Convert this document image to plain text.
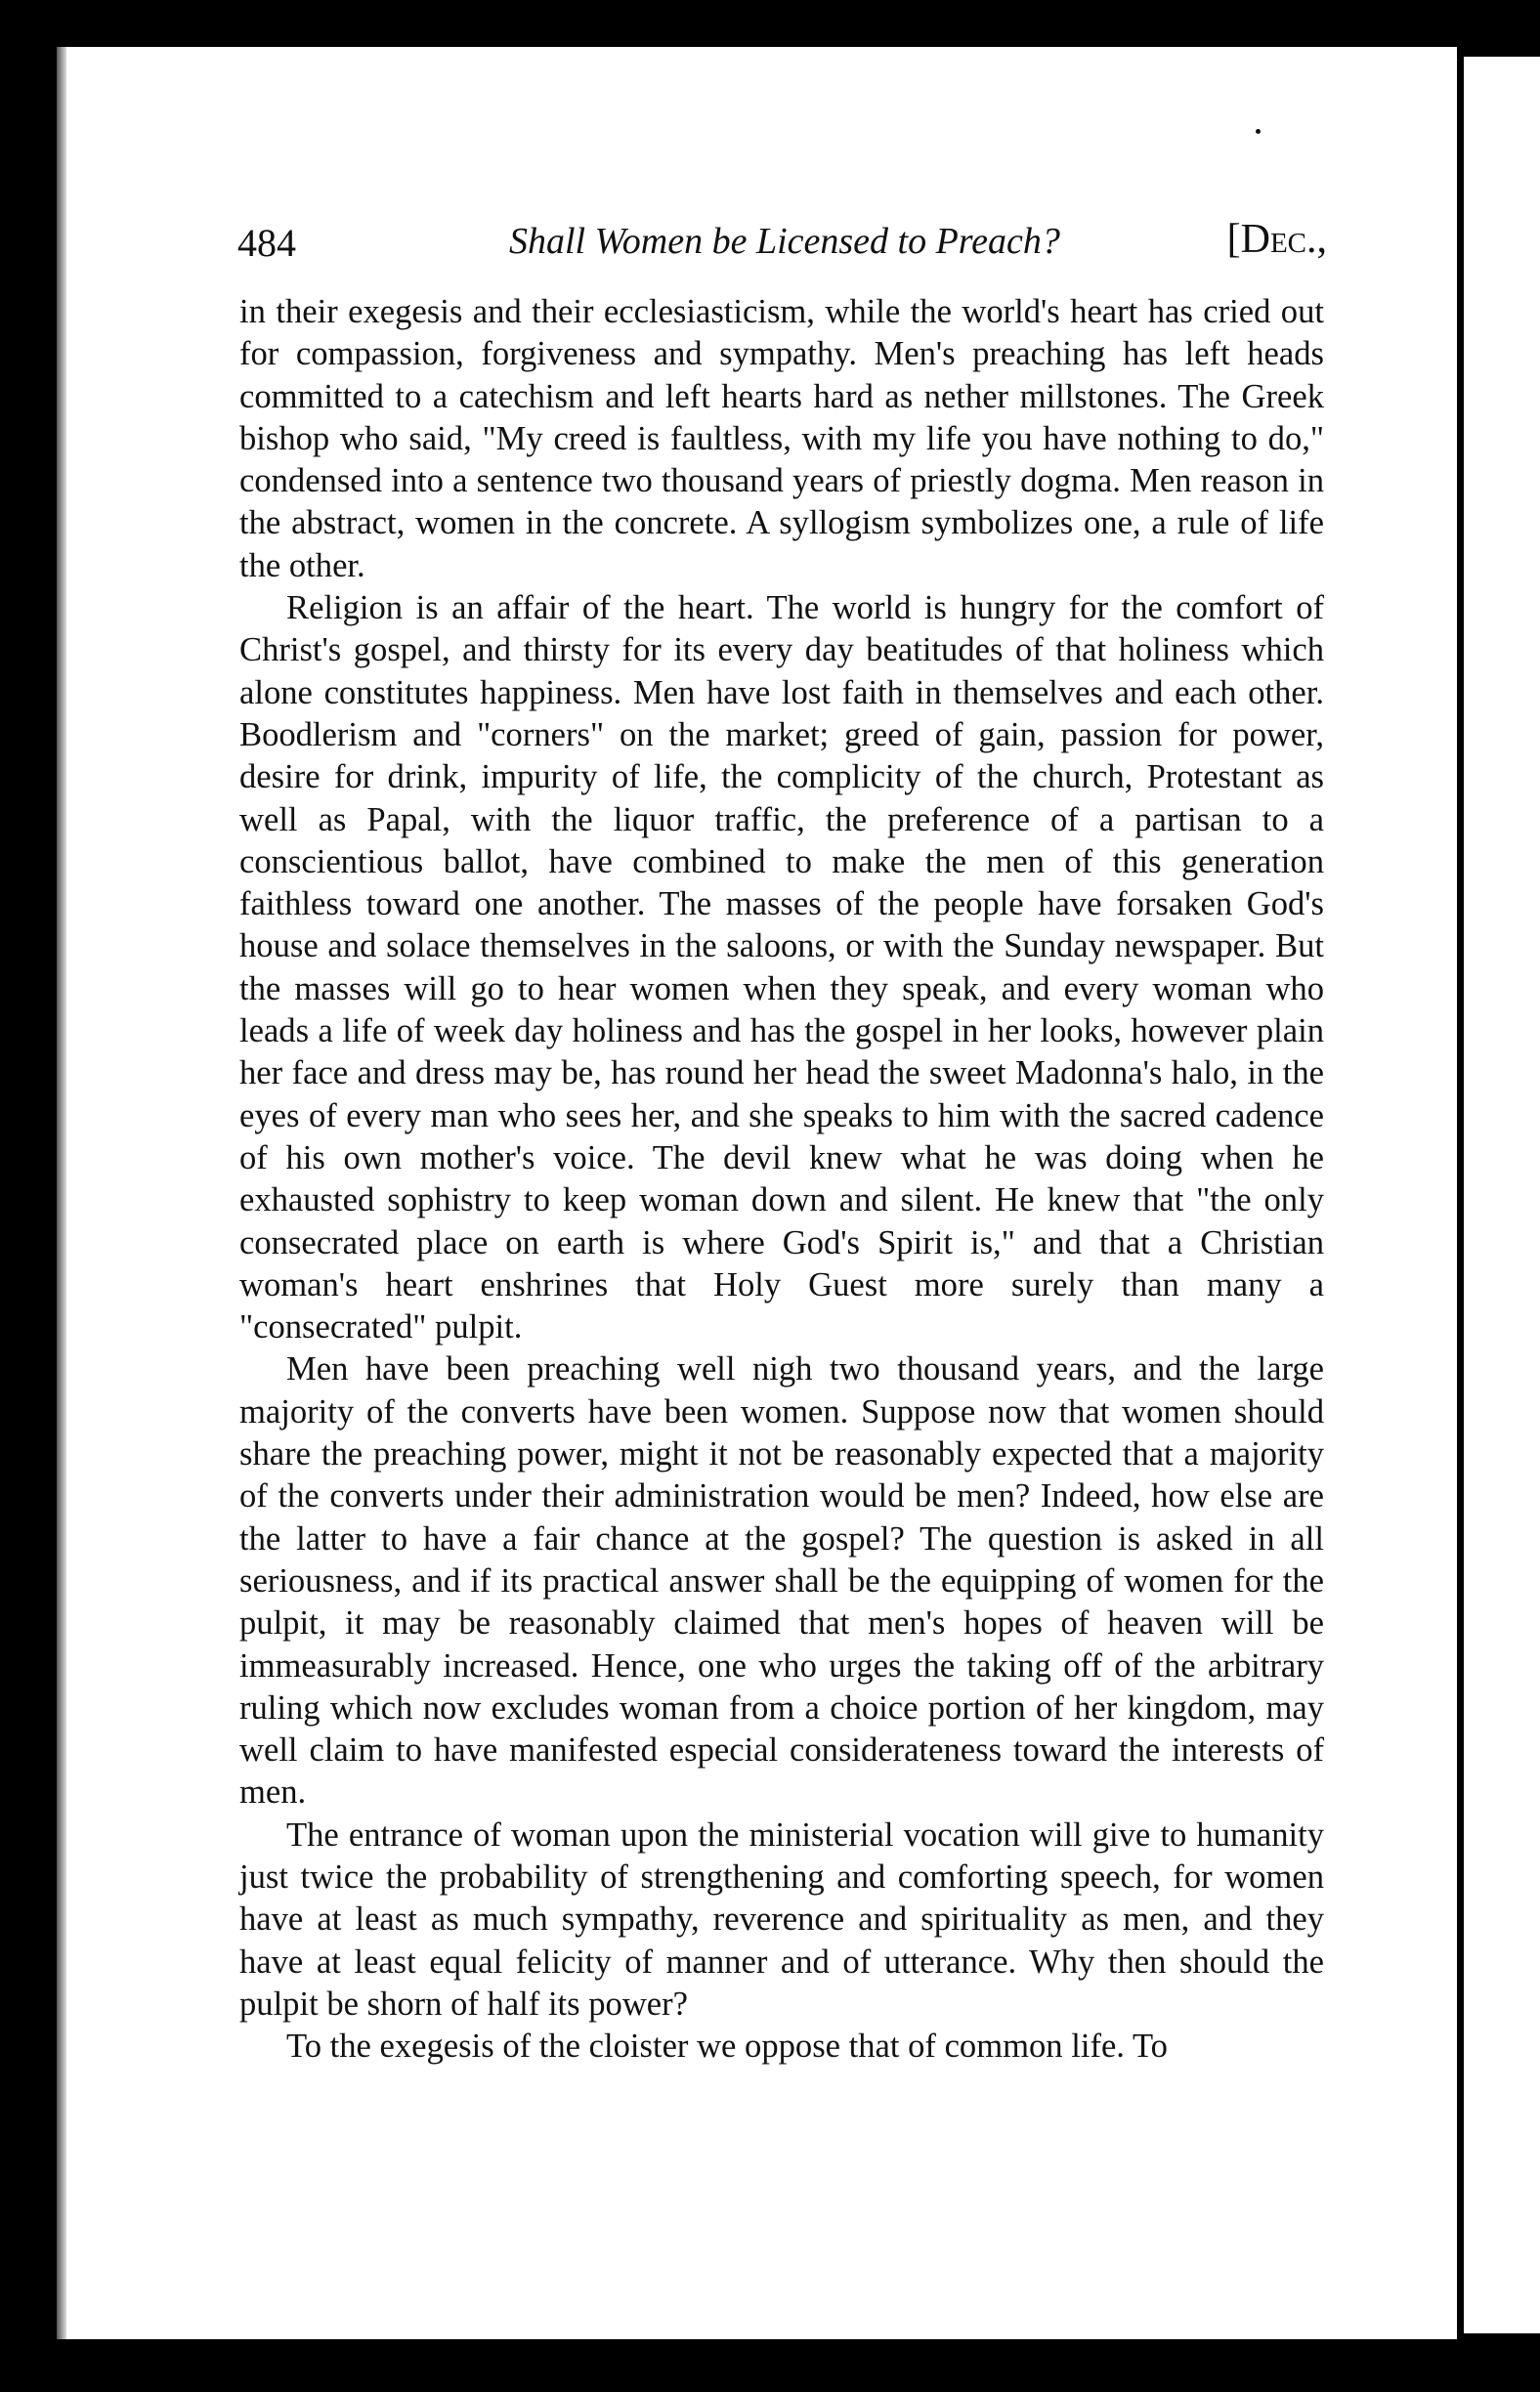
484	Shall Women be Licensed to Preach?	[Dec.,

in their exegesis and their ecclesiasticism, while the world's heart has cried out for compassion, forgiveness and sympathy. Men's preaching has left heads committed to a catechism and left hearts hard as nether millstones. The Greek bishop who said, "My creed is faultless, with my life you have nothing to do," condensed into a sentence two thousand years of priestly dogma. Men reason in the abstract, women in the concrete. A syllogism symbolizes one, a rule of life the other.

Religion is an affair of the heart. The world is hungry for the comfort of Christ's gospel, and thirsty for its every day beatitudes of that holiness which alone constitutes happiness. Men have lost faith in themselves and each other. Boodlerism and "corners" on the market; greed of gain, passion for power, desire for drink, impurity of life, the complicity of the church, Protestant as well as Papal, with the liquor traffic, the preference of a partisan to a conscientious ballot, have combined to make the men of this generation faithless toward one another. The masses of the people have forsaken God's house and solace themselves in the saloons, or with the Sunday newspaper. But the masses will go to hear women when they speak, and every woman who leads a life of week day holiness and has the gospel in her looks, however plain her face and dress may be, has round her head the sweet Madonna's halo, in the eyes of every man who sees her, and she speaks to him with the sacred cadence of his own mother's voice. The devil knew what he was doing when he exhausted sophistry to keep woman down and silent. He knew that "the only consecrated place on earth is where God's Spirit is," and that a Christian woman's heart enshrines that Holy Guest more surely than many a "consecrated" pulpit.

Men have been preaching well nigh two thousand years, and the large majority of the converts have been women. Suppose now that women should share the preaching power, might it not be reasonably expected that a majority of the converts under their administration would be men? Indeed, how else are the latter to have a fair chance at the gospel? The question is asked in all seriousness, and if its practical answer shall be the equipping of women for the pulpit, it may be reasonably claimed that men's hopes of heaven will be immeasurably increased. Hence, one who urges the taking off of the arbitrary ruling which now excludes woman from a choice portion of her kingdom, may well claim to have manifested especial considerateness toward the interests of men.

The entrance of woman upon the ministerial vocation will give to humanity just twice the probability of strengthening and comforting speech, for women have at least as much sympathy, reverence and spirituality as men, and they have at least equal felicity of manner and of utterance. Why then should the pulpit be shorn of half its power?

To the exegesis of the cloister we oppose that of common life. To
